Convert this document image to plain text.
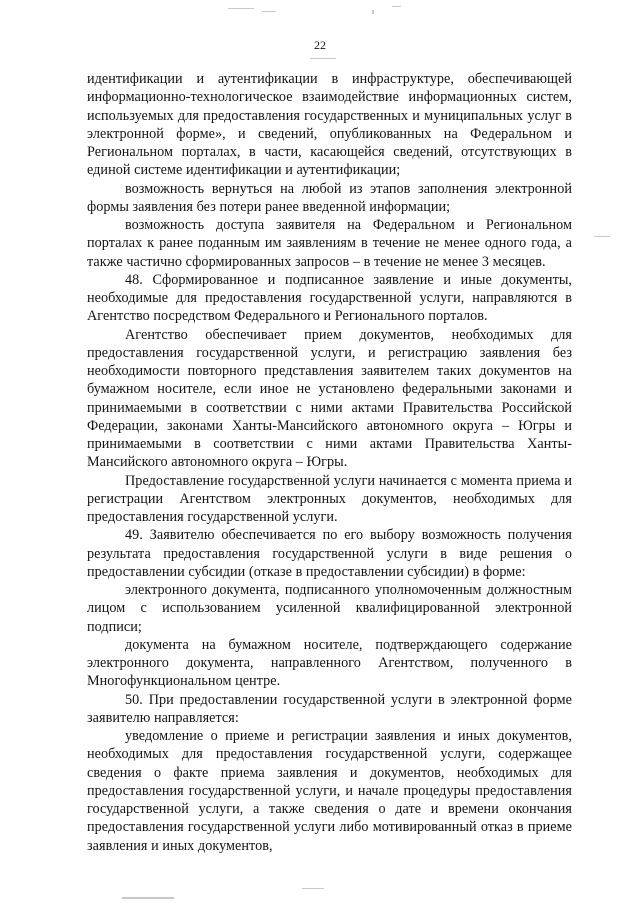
22

идентификации и аутентификации в инфраструктуре, обеспечивающей информационно-технологическое взаимодействие информационных систем, используемых для предоставления государственных и муниципальных услуг в электронной форме», и сведений, опубликованных на Федеральном и Региональном порталах, в части, касающейся сведений, отсутствующих в единой системе идентификации и аутентификации;

возможность вернуться на любой из этапов заполнения электронной формы заявления без потери ранее введенной информации;

возможность доступа заявителя на Федеральном и Региональном порталах к ранее поданным им заявлениям в течение не менее одного года, а также частично сформированных запросов – в течение не менее 3 месяцев.

48. Сформированное и подписанное заявление и иные документы, необходимые для предоставления государственной услуги, направляются в Агентство посредством Федерального и Регионального порталов.

Агентство обеспечивает прием документов, необходимых для предоставления государственной услуги, и регистрацию заявления без необходимости повторного представления заявителем таких документов на бумажном носителе, если иное не установлено федеральными законами и принимаемыми в соответствии с ними актами Правительства Российской Федерации, законами Ханты-Мансийского автономного округа – Югры и принимаемыми в соответствии с ними актами Правительства Ханты-Мансийского автономного округа – Югры.

Предоставление государственной услуги начинается с момента приема и регистрации Агентством электронных документов, необходимых для предоставления государственной услуги.

49. Заявителю обеспечивается по его выбору возможность получения результата предоставления государственной услуги в виде решения о предоставлении субсидии (отказе в предоставлении субсидии) в форме:

электронного документа, подписанного уполномоченным должностным лицом с использованием усиленной квалифицированной электронной подписи;

документа на бумажном носителе, подтверждающего содержание электронного документа, направленного Агентством, полученного в Многофункциональном центре.

50. При предоставлении государственной услуги в электронной форме заявителю направляется:

уведомление о приеме и регистрации заявления и иных документов, необходимых для предоставления государственной услуги, содержащее сведения о факте приема заявления и документов, необходимых для предоставления государственной услуги, и начале процедуры предоставления государственной услуги, а также сведения о дате и времени окончания предоставления государственной услуги либо мотивированный отказ в приеме заявления и иных документов,
